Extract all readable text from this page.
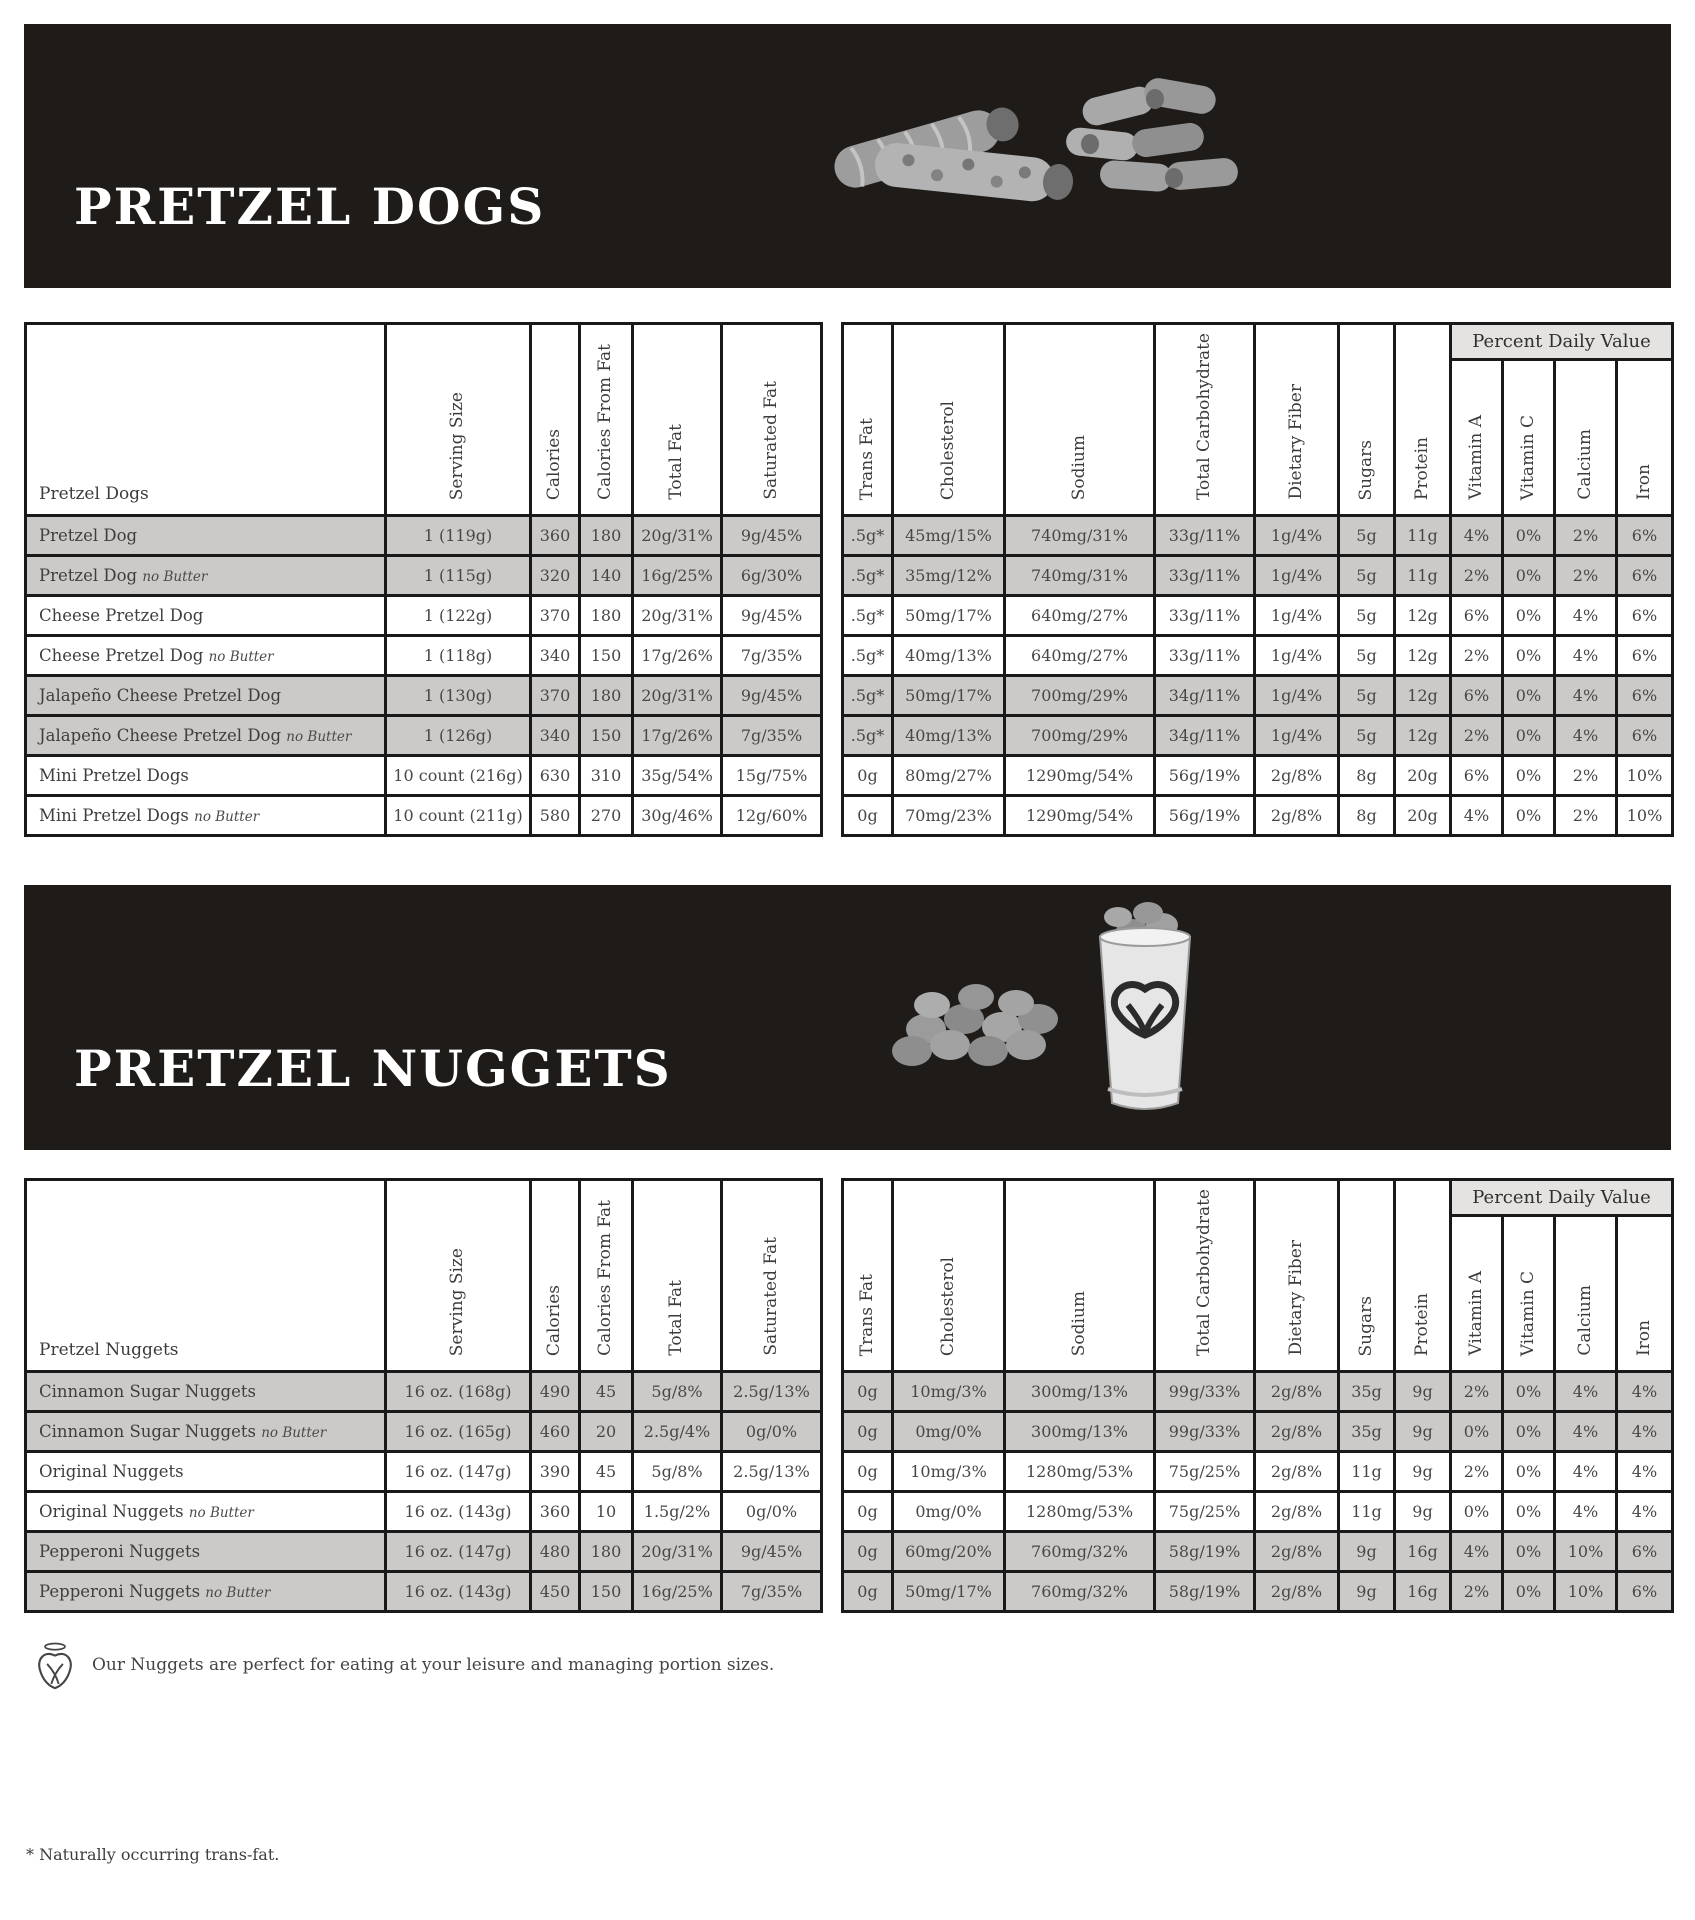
PRETZEL DOGS
Pretzel Dogs	Serving Size	Calories	Calories From Fat	Total Fat	Saturated Fat
Pretzel Dog	1 (119g)	360	180	20g/31%	9g/45%
Pretzel Dog no Butter	1 (115g)	320	140	16g/25%	6g/30%
Cheese Pretzel Dog	1 (122g)	370	180	20g/31%	9g/45%
Cheese Pretzel Dog no Butter	1 (118g)	340	150	17g/26%	7g/35%
Jalapeño Cheese Pretzel Dog	1 (130g)	370	180	20g/31%	9g/45%
Jalapeño Cheese Pretzel Dog no Butter	1 (126g)	340	150	17g/26%	7g/35%
Mini Pretzel Dogs	10 count (216g)	630	310	35g/54%	15g/75%
Mini Pretzel Dogs no Butter	10 count (211g)	580	270	30g/46%	12g/60%
Trans Fat	Cholesterol	Sodium	Total Carbohydrate	Dietary Fiber	Sugars	Protein	Percent Daily Value			
							Vitamin A	Vitamin C	Calcium	Iron
.5g*	45mg/15%	740mg/31%	33g/11%	1g/4%	5g	11g	4%	0%	2%	6%
.5g*	35mg/12%	740mg/31%	33g/11%	1g/4%	5g	11g	2%	0%	2%	6%
.5g*	50mg/17%	640mg/27%	33g/11%	1g/4%	5g	12g	6%	0%	4%	6%
.5g*	40mg/13%	640mg/27%	33g/11%	1g/4%	5g	12g	2%	0%	4%	6%
.5g*	50mg/17%	700mg/29%	34g/11%	1g/4%	5g	12g	6%	0%	4%	6%
.5g*	40mg/13%	700mg/29%	34g/11%	1g/4%	5g	12g	2%	0%	4%	6%
0g	80mg/27%	1290mg/54%	56g/19%	2g/8%	8g	20g	6%	0%	2%	10%
0g	70mg/23%	1290mg/54%	56g/19%	2g/8%	8g	20g	4%	0%	2%	10%
PRETZEL NUGGETS
Pretzel Nuggets	Serving Size	Calories	Calories From Fat	Total Fat	Saturated Fat
Cinnamon Sugar Nuggets	16 oz. (168g)	490	45	5g/8%	2.5g/13%
Cinnamon Sugar Nuggets no Butter	16 oz. (165g)	460	20	2.5g/4%	0g/0%
Original Nuggets	16 oz. (147g)	390	45	5g/8%	2.5g/13%
Original Nuggets no Butter	16 oz. (143g)	360	10	1.5g/2%	0g/0%
Pepperoni Nuggets	16 oz. (147g)	480	180	20g/31%	9g/45%
Pepperoni Nuggets no Butter	16 oz. (143g)	450	150	16g/25%	7g/35%
Trans Fat	Cholesterol	Sodium	Total Carbohydrate	Dietary Fiber	Sugars	Protein	Percent Daily Value			
							Vitamin A	Vitamin C	Calcium	Iron
0g	10mg/3%	300mg/13%	99g/33%	2g/8%	35g	9g	2%	0%	4%	4%
0g	0mg/0%	300mg/13%	99g/33%	2g/8%	35g	9g	0%	0%	4%	4%
0g	10mg/3%	1280mg/53%	75g/25%	2g/8%	11g	9g	2%	0%	4%	4%
0g	0mg/0%	1280mg/53%	75g/25%	2g/8%	11g	9g	0%	0%	4%	4%
0g	60mg/20%	760mg/32%	58g/19%	2g/8%	9g	16g	4%	0%	10%	6%
0g	50mg/17%	760mg/32%	58g/19%	2g/8%	9g	16g	2%	0%	10%	6%
Our Nuggets are perfect for eating at your leisure and managing portion sizes.
* Naturally occurring trans-fat.
